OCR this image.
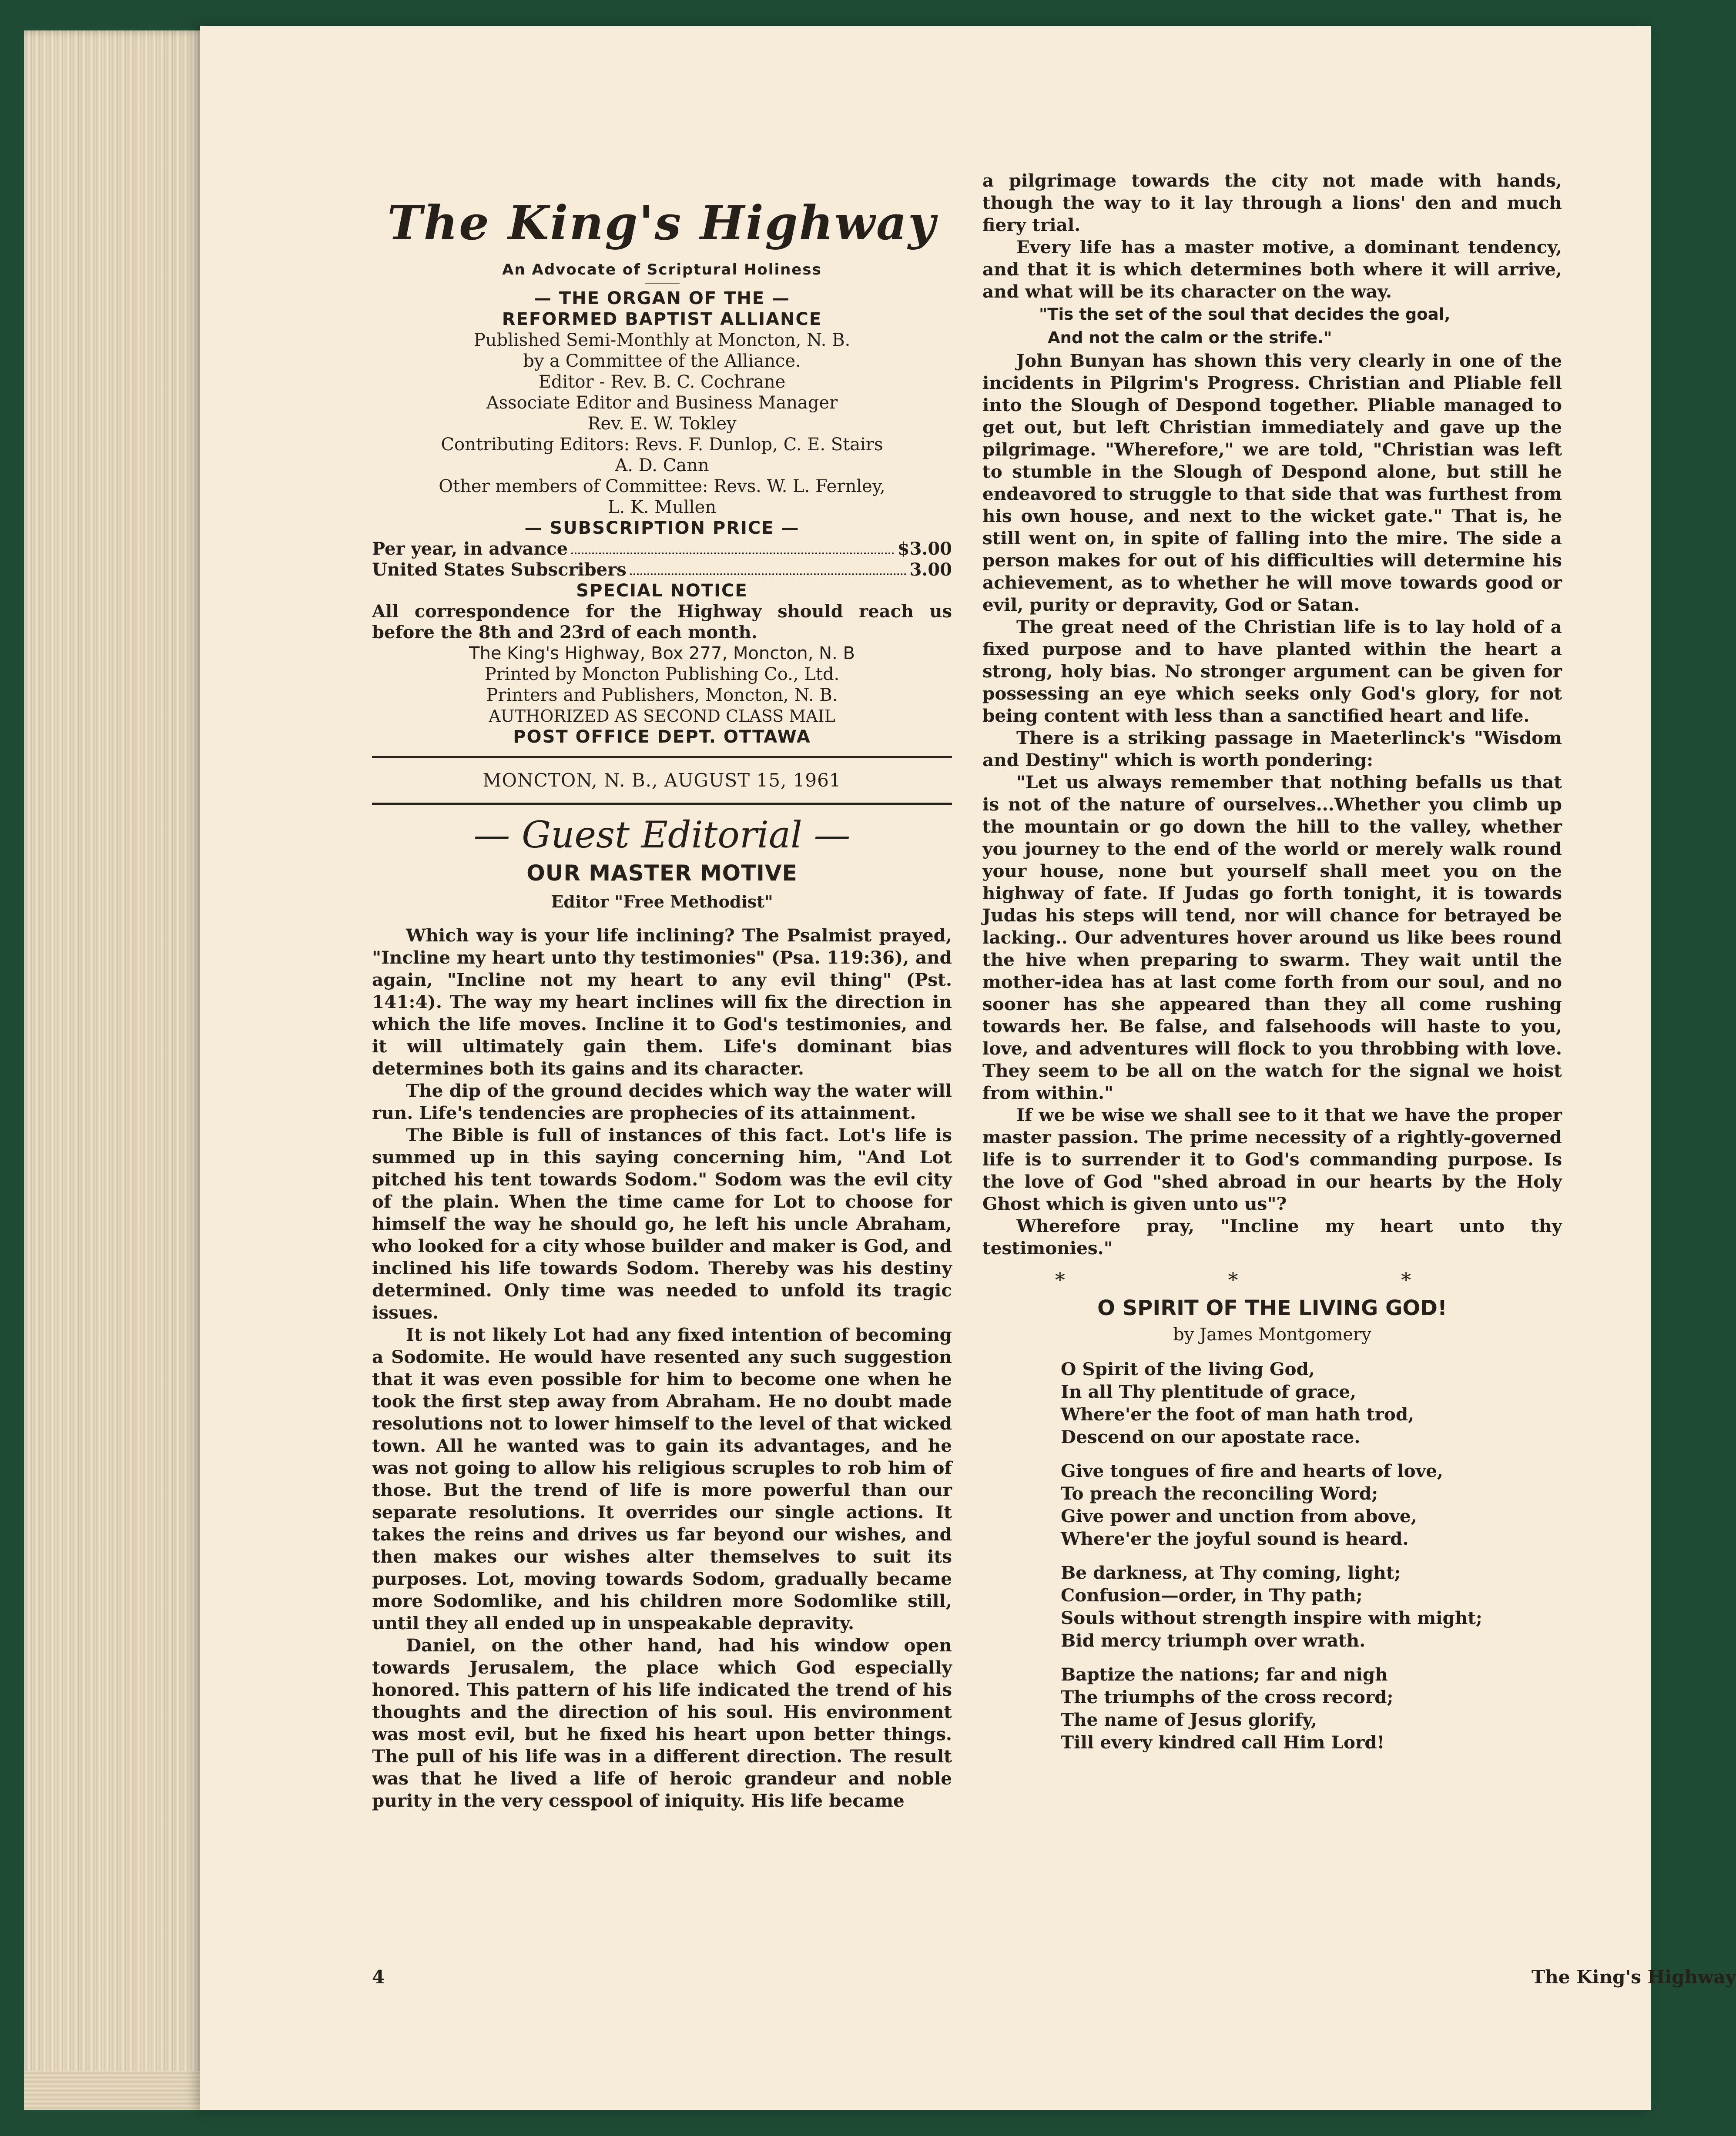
The King's Highway

An Advocate of Scriptural Holiness

— THE ORGAN OF THE —

REFORMED BAPTIST ALLIANCE

Published Semi-Monthly at Moncton, N. B.

by a Committee of the Alliance.

Editor - Rev. B. C. Cochrane

Associate Editor and Business Manager

Rev. E. W. Tokley

Contributing Editors: Revs. F. Dunlop, C. E. Stairs

A. D. Cann

Other members of Committee: Revs. W. L. Fernley,

L. K. Mullen

— SUBSCRIPTION PRICE —

Per year, in advance	$3.00
United States Subscribers	3.00

SPECIAL NOTICE

All correspondence for the Highway should reach us before the 8th and 23rd of each month.

The King's Highway, Box 277, Moncton, N. B

Printed by Moncton Publishing Co., Ltd.

Printers and Publishers, Moncton, N. B.

AUTHORIZED AS SECOND CLASS MAIL

POST OFFICE DEPT. OTTAWA

MONCTON, N. B., AUGUST 15, 1961
— Guest Editorial —
OUR MASTER MOTIVE
Editor "Free Methodist"

Which way is your life inclining? The Psalmist prayed, "Incline my heart unto thy testimonies" (Psa. 119:36), and again, "Incline not my heart to any evil thing" (Pst. 141:4). The way my heart inclines will fix the direction in which the life moves. Incline it to God's testimonies, and it will ultimately gain them. Life's dominant bias determines both its gains and its character.

The dip of the ground decides which way the water will run. Life's tendencies are prophecies of its attainment.

The Bible is full of instances of this fact. Lot's life is summed up in this saying concerning him, "And Lot pitched his tent towards Sodom." Sodom was the evil city of the plain. When the time came for Lot to choose for himself the way he should go, he left his uncle Abraham, who looked for a city whose builder and maker is God, and inclined his life towards Sodom. Thereby was his destiny determined. Only time was needed to unfold its tragic issues.

It is not likely Lot had any fixed intention of becoming a Sodomite. He would have resented any such suggestion that it was even possible for him to become one when he took the first step away from Abraham. He no doubt made resolutions not to lower himself to the level of that wicked town. All he wanted was to gain its advantages, and he was not going to allow his religious scruples to rob him of those. But the trend of life is more powerful than our separate resolutions. It overrides our single actions. It takes the reins and drives us far beyond our wishes, and then makes our wishes alter themselves to suit its purposes. Lot, moving towards Sodom, gradually became more Sodomlike, and his children more Sodomlike still, until they all ended up in unspeakable depravity.

Daniel, on the other hand, had his window open towards Jerusalem, the place which God especially honored. This pattern of his life indicated the trend of his thoughts and the direction of his soul. His environment was most evil, but he fixed his heart upon better things. The pull of his life was in a different direction. The result was that he lived a life of heroic grandeur and noble purity in the very cesspool of iniquity. His life became

a pilgrimage towards the city not made with hands, though the way to it lay through a lions' den and much fiery trial.

Every life has a master motive, a dominant tendency, and that it is which determines both where it will arrive, and what will be its character on the way.

"Tis the set of the soul that decides the goal,

And not the calm or the strife."

John Bunyan has shown this very clearly in one of the incidents in Pilgrim's Progress. Christian and Pliable fell into the Slough of Despond together. Pliable managed to get out, but left Christian immediately and gave up the pilgrimage. "Wherefore," we are told, "Christian was left to stumble in the Slough of Despond alone, but still he endeavored to struggle to that side that was furthest from his own house, and next to the wicket gate." That is, he still went on, in spite of falling into the mire. The side a person makes for out of his difficulties will determine his achievement, as to whether he will move towards good or evil, purity or depravity, God or Satan.

The great need of the Christian life is to lay hold of a fixed purpose and to have planted within the heart a strong, holy bias. No stronger argument can be given for possessing an eye which seeks only God's glory, for not being content with less than a sanctified heart and life.

There is a striking passage in Maeterlinck's "Wisdom and Destiny" which is worth pondering:

"Let us always remember that nothing befalls us that is not of the nature of ourselves...Whether you climb up the mountain or go down the hill to the valley, whether you journey to the end of the world or merely walk round your house, none but yourself shall meet you on the highway of fate. If Judas go forth tonight, it is towards Judas his steps will tend, nor will chance for betrayed be lacking.. Our adventures hover around us like bees round the hive when preparing to swarm. They wait until the mother-idea has at last come forth from our soul, and no sooner has she appeared than they all come rushing towards her. Be false, and falsehoods will haste to you, love, and adventures will flock to you throbbing with love. They seem to be all on the watch for the signal we hoist from within."

If we be wise we shall see to it that we have the proper master passion. The prime necessity of a rightly-governed life is to surrender it to God's commanding purpose. Is the love of God "shed abroad in our hearts by the Holy Ghost which is given unto us"?

Wherefore pray, "Incline my heart unto thy testimonies."

* * *
O SPIRIT OF THE LIVING GOD!
by James Montgomery
O Spirit of the living God,
In all Thy plentitude of grace,
Where'er the foot of man hath trod,
Descend on our apostate race.
Give tongues of fire and hearts of love,
To preach the reconciling Word;
Give power and unction from above,
Where'er the joyful sound is heard.
Be darkness, at Thy coming, light;
Confusion—order, in Thy path;
Souls without strength inspire with might;
Bid mercy triumph over wrath.
Baptize the nations; far and nigh
The triumphs of the cross record;
The name of Jesus glorify,
Till every kindred call Him Lord!
4	The King's Highway
